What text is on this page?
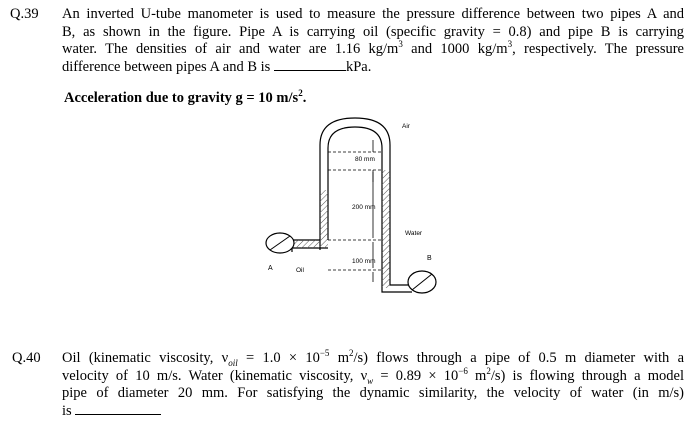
Q.39 An inverted U-tube manometer is used to measure the pressure difference between two pipes A and
B, as shown in the figure. Pipe A is carrying oil (specific gravity = 0.8) and pipe B is carrying
water. The densities of air and water are 1.16 $kg/m^3$ and 1000 $kg/m^3$, respectively. The pressure
difference between pipes A and B is	kPa.
Acceleration due to gravity g = 10 $m/s^2$.
Air
80 mm
200 mm
100 mm
Water
Oil
A
B
Q.40 Oil (kinematic viscosity, $\nu_{oil} = 1.0 \times 10^{-5}$ $m^2/s$) flows through a pipe of 0.5 m diameter with a
velocity of 10 m/s. Water (kinematic viscosity, $\nu_w = 0.89 \times 10^{-6}$ $m^2/s$) is flowing through a model
pipe of diameter 20 mm. For satisfying the dynamic similarity, the velocity of water (in m/s)
is
